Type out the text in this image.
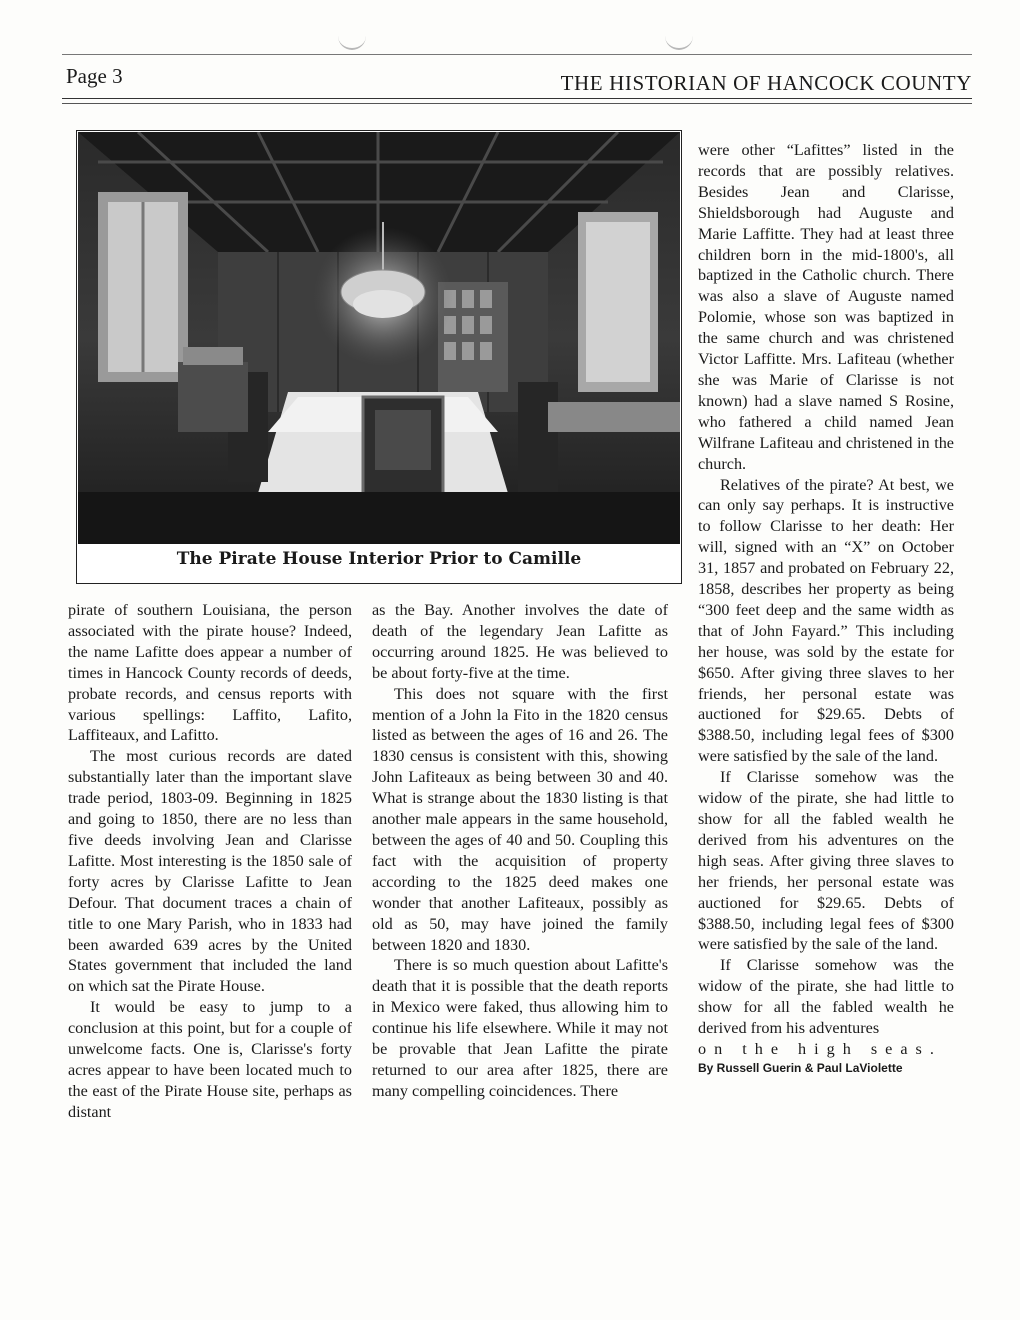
Page 3	THE HISTORIAN OF HANCOCK COUNTY
The Pirate House Interior Prior to Camille

pirate of southern Louisiana, the person associated with the pirate house? Indeed, the name Lafitte does appear a number of times in Hancock County records of deeds, probate records, and census reports with various spellings: Laffito, Lafito, Laffiteaux, and Lafitto.

The most curious records are dated substantially later than the important slave trade period, 1803-09. Beginning in 1825 and going to 1850, there are no less than five deeds involving Jean and Clarisse Lafitte. Most interesting is the 1850 sale of forty acres by Clarisse Lafitte to Jean Defour. That document traces a chain of title to one Mary Parish, who in 1833 had been awarded 639 acres by the United States government that included the land on which sat the Pirate House.

It would be easy to jump to a conclusion at this point, but for a couple of unwelcome facts. One is, Clarisse's forty acres appear to have been located much to the east of the Pirate House site, perhaps as distant

as the Bay. Another involves the date of death of the legendary Jean Lafitte as occurring around 1825. He was believed to be about forty-five at the time.

This does not square with the first mention of a John la Fito in the 1820 census listed as between the ages of 16 and 26. The 1830 census is consistent with this, showing John Lafiteaux as being between 30 and 40. What is strange about the 1830 listing is that another male appears in the same household, between the ages of 40 and 50. Coupling this fact with the acquisition of property according to the 1825 deed makes one wonder that another Lafiteaux, possibly as old as 50, may have joined the family between 1820 and 1830.

There is so much question about Lafitte's death that it is possible that the death reports in Mexico were faked, thus allowing him to continue his life elsewhere. While it may not be provable that Jean Lafitte the pirate returned to our area after 1825, there are many compelling coincidences. There

were other “Lafittes” listed in the records that are possibly relatives. Besides Jean and Clarisse, Shieldsborough had Auguste and Marie Laffitte. They had at least three children born in the mid-1800's, all baptized in the Catholic church. There was also a slave of Auguste named Polomie, whose son was baptized in the same church and was christened Victor Laffitte. Mrs. Lafiteau (whether she was Marie of Clarisse is not known) had a slave named S Rosine, who fathered a child named Jean Wilfrane Lafiteau and christened in the church.

Relatives of the pirate? At best, we can only say perhaps. It is instructive to follow Clarisse to her death: Her will, signed with an “X” on October 31, 1857 and probated on February 22, 1858, describes her property as being “300 feet deep and the same width as that of John Fayard.” This including her house, was sold by the estate for $650. After giving three slaves to her friends, her personal estate was auctioned for $29.65. Debts of $388.50, including legal fees of $300 were satisfied by the sale of the land.

If Clarisse somehow was the widow of the pirate, she had little to show for all the fabled wealth he derived from his adventures on the high seas. After giving three slaves to her friends, her personal estate was auctioned for $29.65. Debts of $388.50, including legal fees of $300 were satisfied by the sale of the land.

If Clarisse somehow was the widow of the pirate, she had little to show for all the fabled wealth he derived from his adventures

on the high seas.

By Russell Guerin & Paul LaViolette
